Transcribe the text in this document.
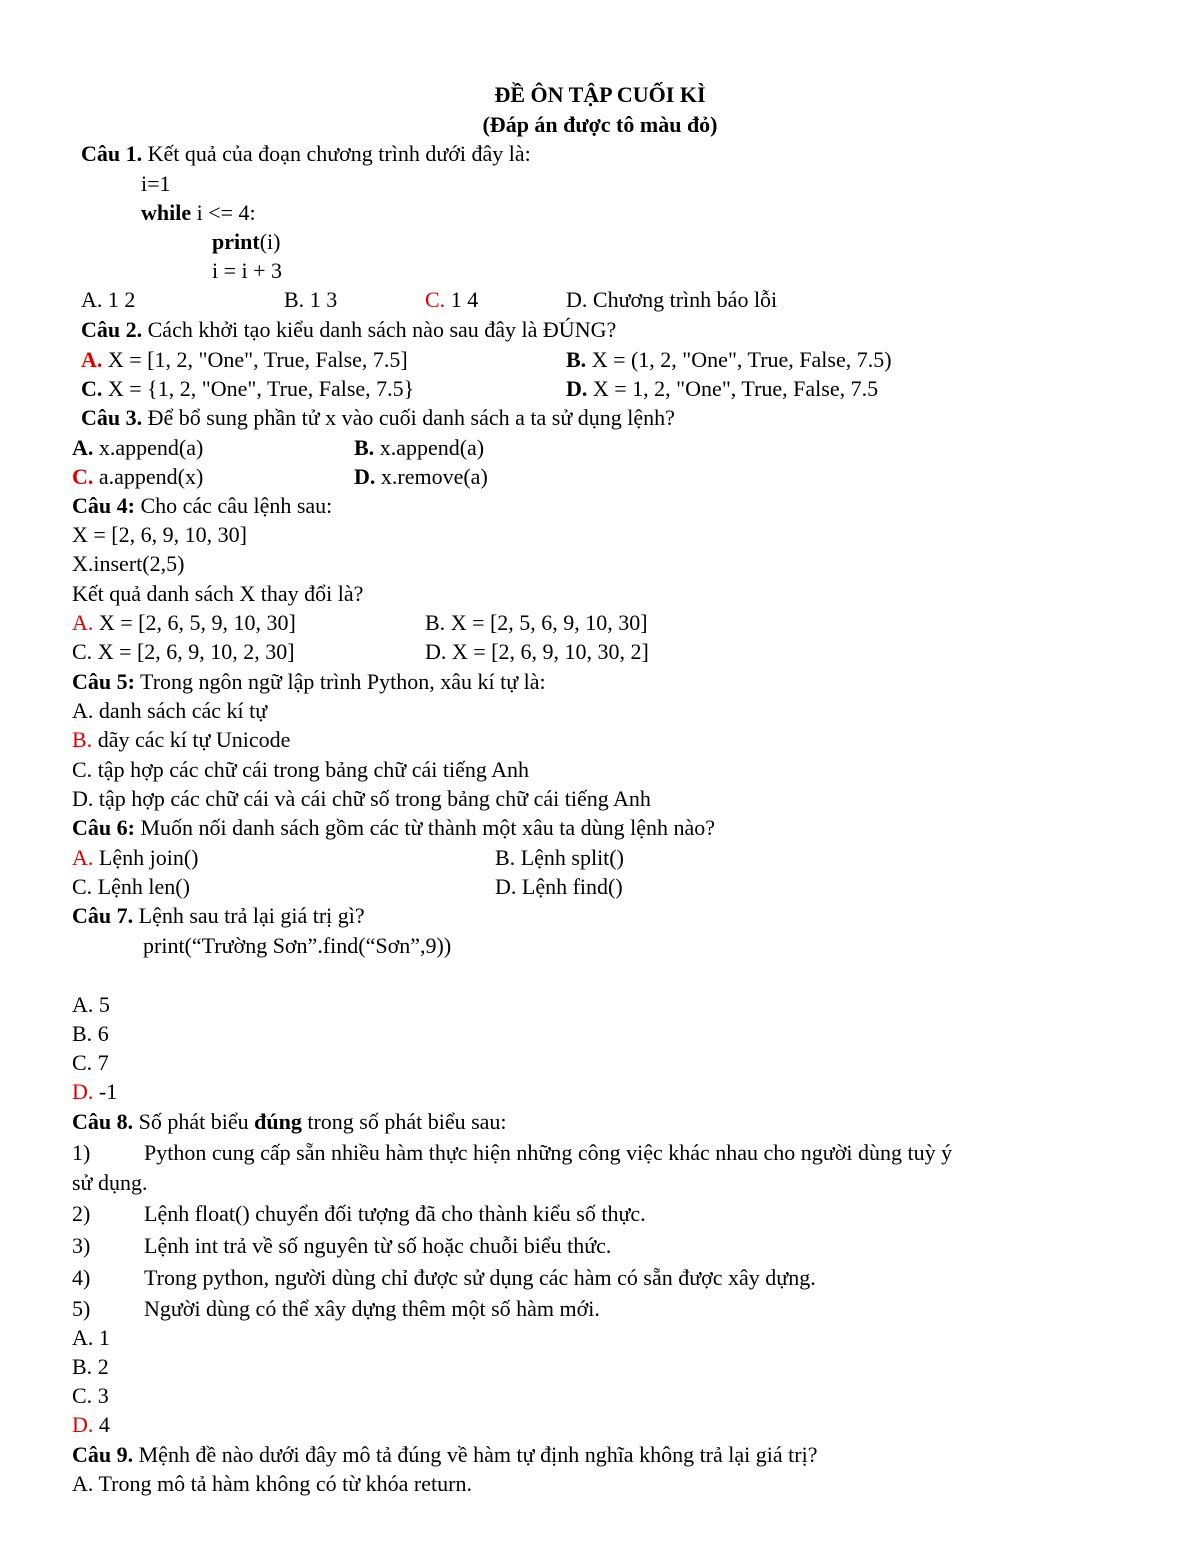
ĐỀ ÔN TẬP CUỐI KÌ
(Đáp án được tô màu đỏ)
Câu 1. Kết quả của đoạn chương trình dưới đây là:
i=1
while i <= 4:
print(i)
i = i + 3
A. 1 2	B. 1 3	C. 1 4	D. Chương trình báo lỗi
Câu 2. Cách khởi tạo kiểu danh sách nào sau đây là ĐÚNG?
A. X = [1, 2, "One", True, False, 7.5]	B. X = (1, 2, "One", True, False, 7.5)
C. X = {1, 2, "One", True, False, 7.5}	D. X = 1, 2, "One", True, False, 7.5
Câu 3. Để bổ sung phần tử x vào cuối danh sách a ta sử dụng lệnh?
A. x.append(a)	B. x.append(a)
C. a.append(x)	D. x.remove(a)
Câu 4: Cho các câu lệnh sau:
X = [2, 6, 9, 10, 30]
X.insert(2,5)
Kết quả danh sách X thay đổi là?
A. X = [2, 6, 5, 9, 10, 30]	B. X = [2, 5, 6, 9, 10, 30]
C. X = [2, 6, 9, 10, 2, 30]	D. X = [2, 6, 9, 10, 30, 2]
Câu 5: Trong ngôn ngữ lập trình Python, xâu kí tự là:
A. danh sách các kí tự
B. dãy các kí tự Unicode
C. tập hợp các chữ cái trong bảng chữ cái tiếng Anh
D. tập hợp các chữ cái và cái chữ số trong bảng chữ cái tiếng Anh
Câu 6: Muốn nối danh sách gồm các từ thành một xâu ta dùng lệnh nào?
A. Lệnh join()	B. Lệnh split()
C. Lệnh len()	D. Lệnh find()
Câu 7. Lệnh sau trả lại giá trị gì?
print(“Trường Sơn”.find(“Sơn”,9))
A. 5
B. 6
C. 7
D. -1
Câu 8. Số phát biểu đúng trong số phát biểu sau:
1) Python cung cấp sẵn nhiều hàm thực hiện những công việc khác nhau cho người dùng tuỳ ý
sử dụng.
2) Lệnh float() chuyển đối tượng đã cho thành kiểu số thực.
3) Lệnh int trả về số nguyên từ số hoặc chuỗi biểu thức.
4) Trong python, người dùng chỉ được sử dụng các hàm có sẵn được xây dựng.
5) Người dùng có thể xây dựng thêm một số hàm mới.
A. 1
B. 2
C. 3
D. 4
Câu 9. Mệnh đề nào dưới đây mô tả đúng về hàm tự định nghĩa không trả lại giá trị?
A. Trong mô tả hàm không có từ khóa return.
